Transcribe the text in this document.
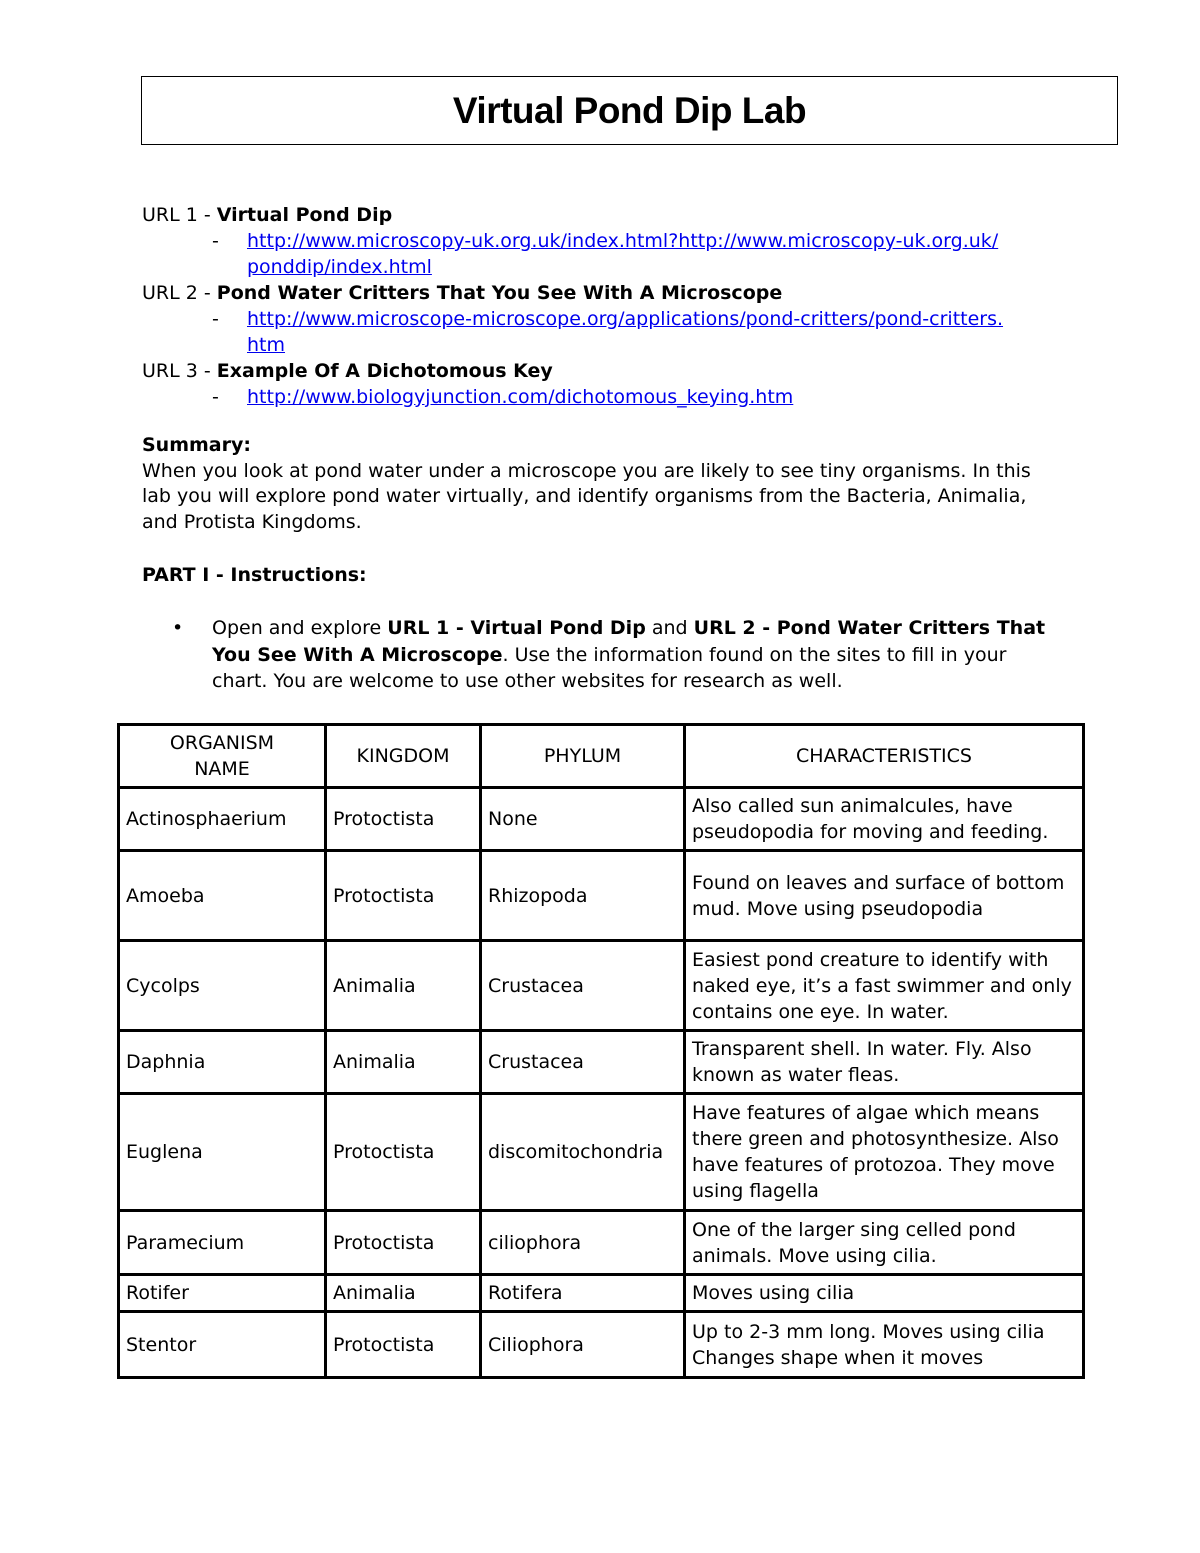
Virtual Pond Dip Lab
URL 1 - Virtual Pond Dip
-	http://www.microscopy-uk.org.uk/index.html?http://www.microscopy-uk.org.uk/ponddip/index.html
URL 2 - Pond Water Critters That You See With A Microscope
-	http://www.microscope-microscope.org/applications/pond-critters/pond-critters.htm
URL 3 - Example Of A Dichotomous Key
-	http://www.biologyjunction.com/dichotomous_keying.htm
Summary:
When you look at pond water under a microscope you are likely to see tiny organisms. In this lab you will explore pond water virtually, and identify organisms from the Bacteria, Animalia, and Protista Kingdoms.
PART I - Instructions:
•	Open and explore URL 1 - Virtual Pond Dip and URL 2 - Pond Water Critters That You See With A Microscope. Use the information found on the sites to fill in your chart. You are welcome to use other websites for research as well.
ORGANISM NAME	KINGDOM	PHYLUM	CHARACTERISTICS
Actinosphaerium	Protoctista	None	Also called sun animalcules, have pseudopodia for moving and feeding.
Amoeba	Protoctista	Rhizopoda	Found on leaves and surface of bottom mud. Move using pseudopodia
Cycolps	Animalia	Crustacea	Easiest pond creature to identify with naked eye, it’s a fast swimmer and only contains one eye. In water.
Daphnia	Animalia	Crustacea	Transparent shell. In water. Fly. Also known as water fleas.
Euglena	Protoctista	discomitochondria	Have features of algae which means there green and photosynthesize. Also have features of protozoa. They move using flagella
Paramecium	Protoctista	ciliophora	One of the larger sing celled pond animals. Move using cilia.
Rotifer	Animalia	Rotifera	Moves using cilia
Stentor	Protoctista	Ciliophora	Up to 2-3 mm long. Moves using cilia Changes shape when it moves
